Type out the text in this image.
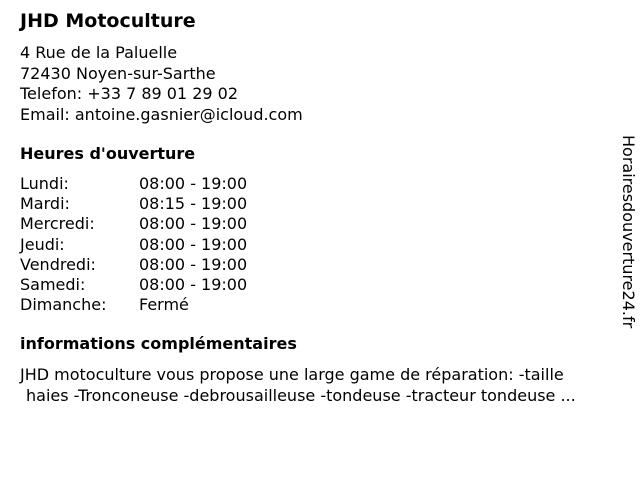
JHD Motoculture
4 Rue de la Paluelle
72430 Noyen-sur-Sarthe
Telefon: +33 7 89 01 29 02
Email: antoine.gasnier@icloud.com
Heures d'ouverture
Lundi:	08:00 - 19:00
Mardi:	08:15 - 19:00
Mercredi:	08:00 - 19:00
Jeudi:	08:00 - 19:00
Vendredi:	08:00 - 19:00
Samedi:	08:00 - 19:00
Dimanche: Fermé
informations complémentaires
JHD motoculture vous propose une large game de réparation: -taille
haies -Tronconeuse -debrousailleuse -tondeuse -tracteur tondeuse ...
Horairesdouverture24.fr
